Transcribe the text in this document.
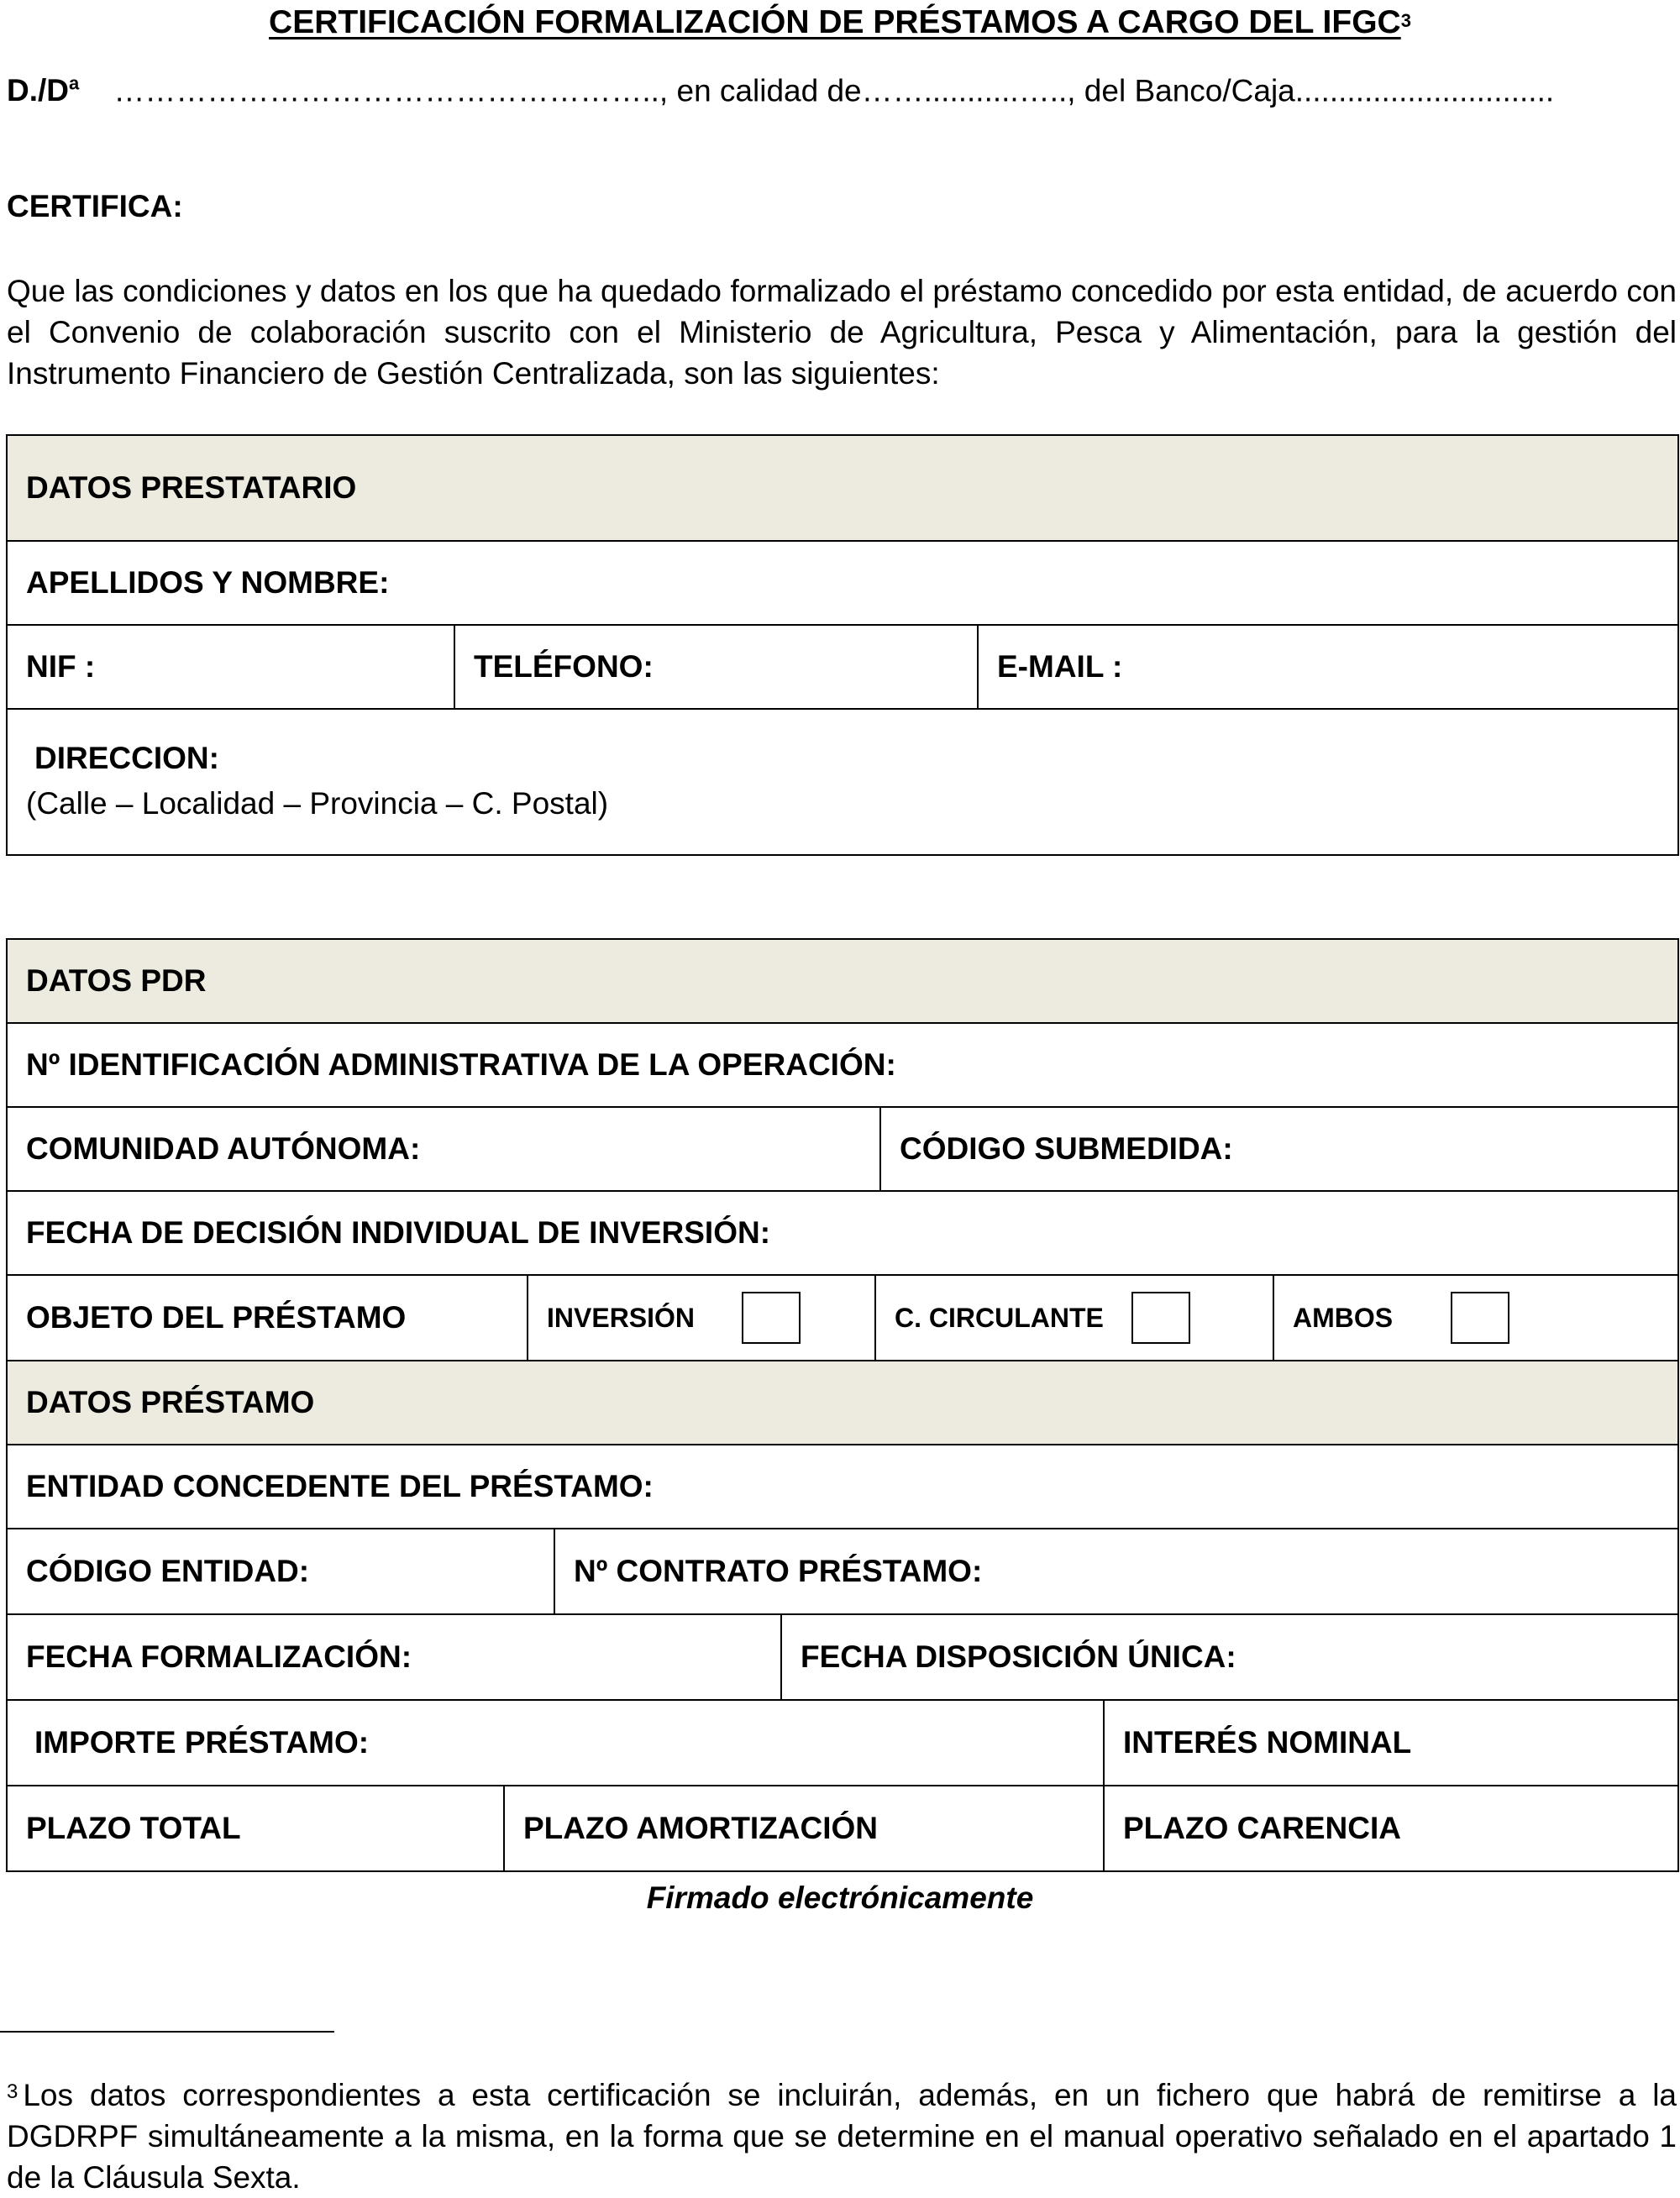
CERTIFICACIÓN FORMALIZACIÓN DE PRÉSTAMOS A CARGO DEL IFGC$^3$
$D./D^a$ …………………………………………….., en calidad de……...........….., del Banco/Caja..............................
CERTIFICA:
Que las condiciones y datos en los que ha quedado formalizado el préstamo concedido por esta entidad, de acuerdo con el Convenio de colaboración suscrito con el Ministerio de Agricultura, Pesca y Alimentación, para la gestión del Instrumento Financiero de Gestión Centralizada, son las siguientes:
DATOS PRESTATARIO
APELLIDOS Y NOMBRE:
NIF :	TELÉFONO:	E-MAIL :

DIRECCION:
(Calle – Localidad – Provincia – C. Postal)
DATOS PDR
Nº IDENTIFICACIÓN ADMINISTRATIVA DE LA OPERACIÓN:
COMUNIDAD AUTÓNOMA:	CÓDIGO SUBMEDIDA:
FECHA DE DECISIÓN INDIVIDUAL DE INVERSIÓN:

OBJETO DEL PRÉSTAMO	INVERSIÓN	C. CIRCULANTE	AMBOS

DATOS PRÉSTAMO
ENTIDAD CONCEDENTE DEL PRÉSTAMO:

CÓDIGO ENTIDAD:	Nº CONTRATO PRÉSTAMO:

FECHA FORMALIZACIÓN:	FECHA DISPOSICIÓN ÚNICA:

IMPORTE PRÉSTAMO:	INTERÉS NOMINAL

PLAZO TOTAL	PLAZO AMORTIZACIÓN	PLAZO CARENCIA
Firmado electrónicamente
$^3$ Los datos correspondientes a esta certificación se incluirán, además, en un fichero que habrá de remitirse a la DGDRPF simultáneamente a la misma, en la forma que se determine en el manual operativo señalado en el apartado 1 de la Cláusula Sexta.
